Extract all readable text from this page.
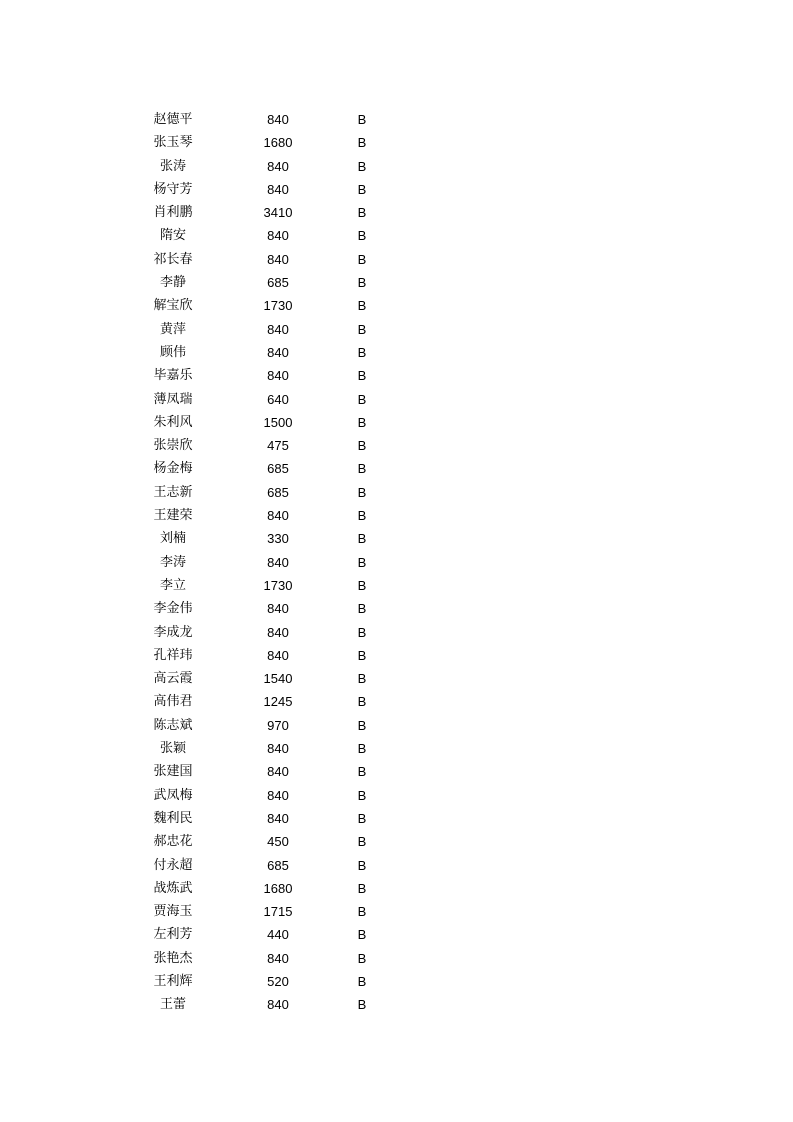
赵德平	840	B
张玉琴	1680	B
张涛	840	B
杨守芳	840	B
肖利鹏	3410	B
隋安	840	B
祁长春	840	B
李静	685	B
解宝欣	1730	B
黄萍	840	B
顾伟	840	B
毕嘉乐	840	B
薄凤瑞	640	B
朱利风	1500	B
张崇欣	475	B
杨金梅	685	B
王志新	685	B
王建荣	840	B
刘楠	330	B
李涛	840	B
李立	1730	B
李金伟	840	B
李成龙	840	B
孔祥玮	840	B
高云霞	1540	B
高伟君	1245	B
陈志斌	970	B
张颖	840	B
张建国	840	B
武凤梅	840	B
魏利民	840	B
郝忠花	450	B
付永超	685	B
战炼武	1680	B
贾海玉	1715	B
左利芳	440	B
张艳杰	840	B
王利辉	520	B
王蕾	840	B
